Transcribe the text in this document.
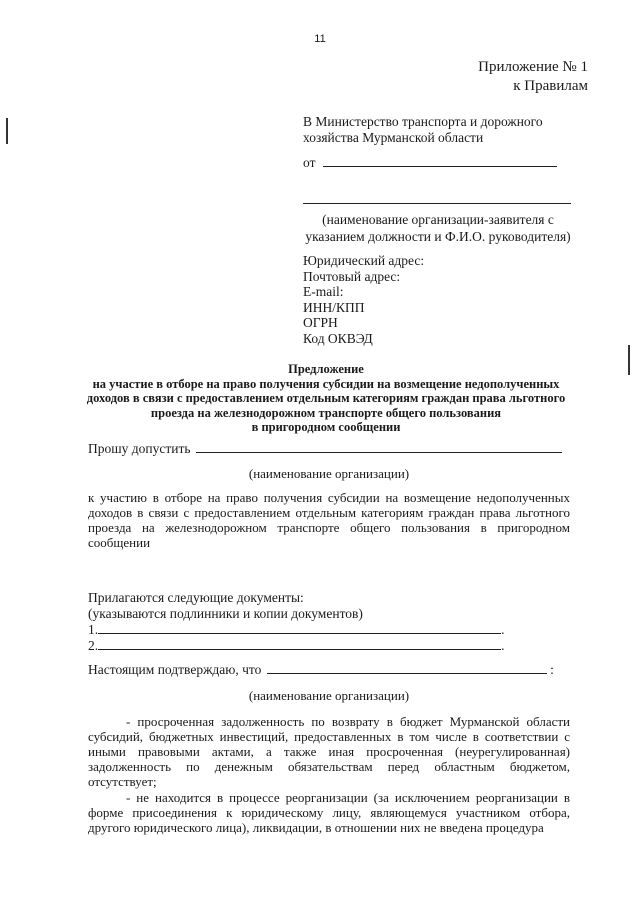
11
Приложение № 1
к Правилам
В Министерство транспорта и дорожного
хозяйства Мурманской области
от
(наименование организации-заявителя с
указанием должности и Ф.И.О. руководителя)
Юридический адрес:
Почтовый адрес:
E-mail:
ИНН/КПП
ОГРН
Код ОКВЭД
Предложение
на участие в отборе на право получения субсидии на возмещение недополученных
доходов в связи с предоставлением отдельным категориям граждан права льготного
проезда на железнодорожном транспорте общего пользования
в пригородном сообщении
Прошу допустить
(наименование организации)
к участию в отборе на право получения субсидии на возмещение недополученных доходов в связи с предоставлением отдельным категориям граждан права льготного проезда на железнодорожном транспорте общего пользования в пригородном сообщении
Прилагаются следующие документы:
(указываются подлинники и копии документов)
1.	.
2.	.
Настоящим подтверждаю, что	:
(наименование организации)
- просроченная задолженность по возврату в бюджет Мурманской области субсидий, бюджетных инвестиций, предоставленных в том числе в соответствии с иными правовыми актами, а также иная просроченная (неурегулированная) задолженность по денежным обязательствам перед областным бюджетом, отсутствует;
- не находится в процессе реорганизации (за исключением реорганизации в форме присоединения к юридическому лицу, являющемуся участником отбора, другого юридического лица), ликвидации, в отношении них не введена процедура
